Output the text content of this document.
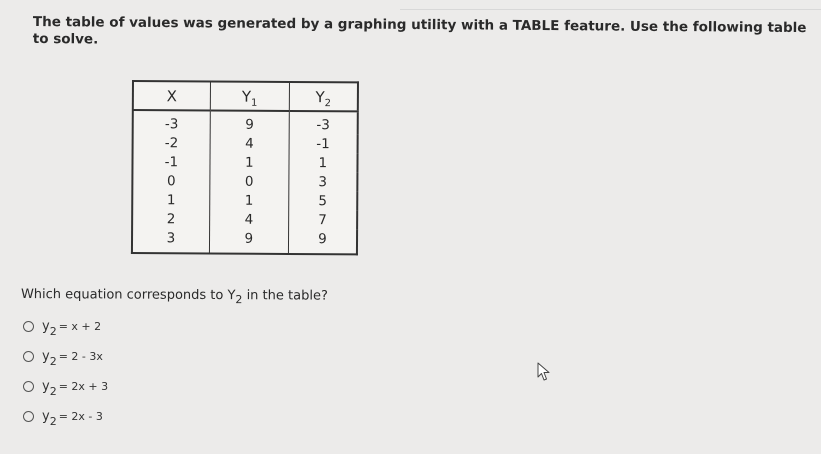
The table of values was generated by a graphing utility with a TABLE feature. Use the following table to solve.

X	$Y_1$	$Y_2$
-3	9	-3
-2	4	-1
-1	1	1
0	0	3
1	1	5
2	4	7
3	9	9

Which equation corresponds to $Y_2$ in the table?

y2 = x + 2
y2 = 2 - 3x
y2 = 2x + 3
y2 = 2x - 3
